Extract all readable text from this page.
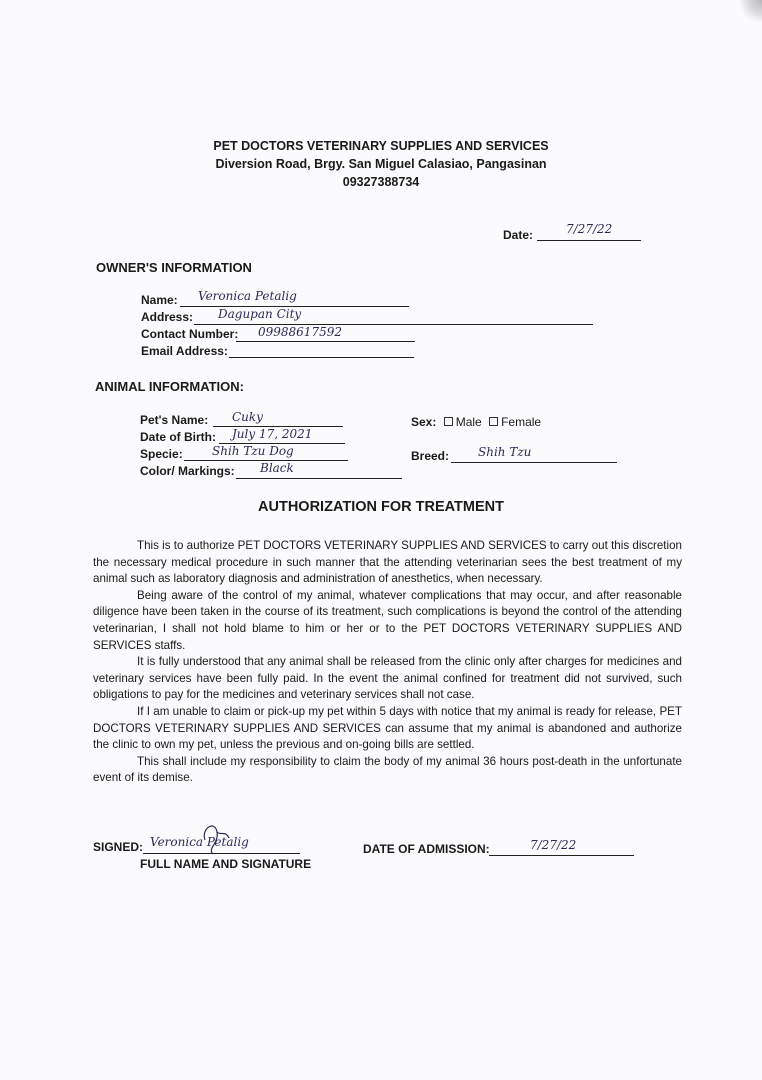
PET DOCTORS VETERINARY SUPPLIES AND SERVICES
Diversion Road, Brgy. San Miguel Calasiao, Pangasinan
09327388734
Date:	7/27/22
OWNER'S INFORMATION
Name: Veronica Petalig
Address: Dagupan City
Contact Number: 09988617592
Email Address:
ANIMAL INFORMATION:
Pet's Name: Cuky
Date of Birth: July 17, 2021
Specie: Shih Tzu Dog
Color/ Markings: Black
Sex: Male Female
Breed: Shih Tzu
AUTHORIZATION FOR TREATMENT

This is to authorize PET DOCTORS VETERINARY SUPPLIES AND SERVICES to carry out this discretion the necessary medical procedure in such manner that the attending veterinarian sees the best treatment of my animal such as laboratory diagnosis and administration of anesthetics, when necessary.

Being aware of the control of my animal, whatever complications that may occur, and after reasonable diligence have been taken in the course of its treatment, such complications is beyond the control of the attending veterinarian, I shall not hold blame to him or her or to the PET DOCTORS VETERINARY SUPPLIES AND SERVICES staffs.

It is fully understood that any animal shall be released from the clinic only after charges for medicines and veterinary services have been fully paid. In the event the animal confined for treatment did not survived, such obligations to pay for the medicines and veterinary services shall not case.

If I am unable to claim or pick-up my pet within 5 days with notice that my animal is ready for release, PET DOCTORS VETERINARY SUPPLIES AND SERVICES can assume that my animal is abandoned and authorize the clinic to own my pet, unless the previous and on-going bills are settled.

This shall include my responsibility to claim the body of my animal 36 hours post-death in the unfortunate event of its demise.

SIGNED: Veronica Petalig
FULL NAME AND SIGNATURE
DATE OF ADMISSION:	7/27/22
